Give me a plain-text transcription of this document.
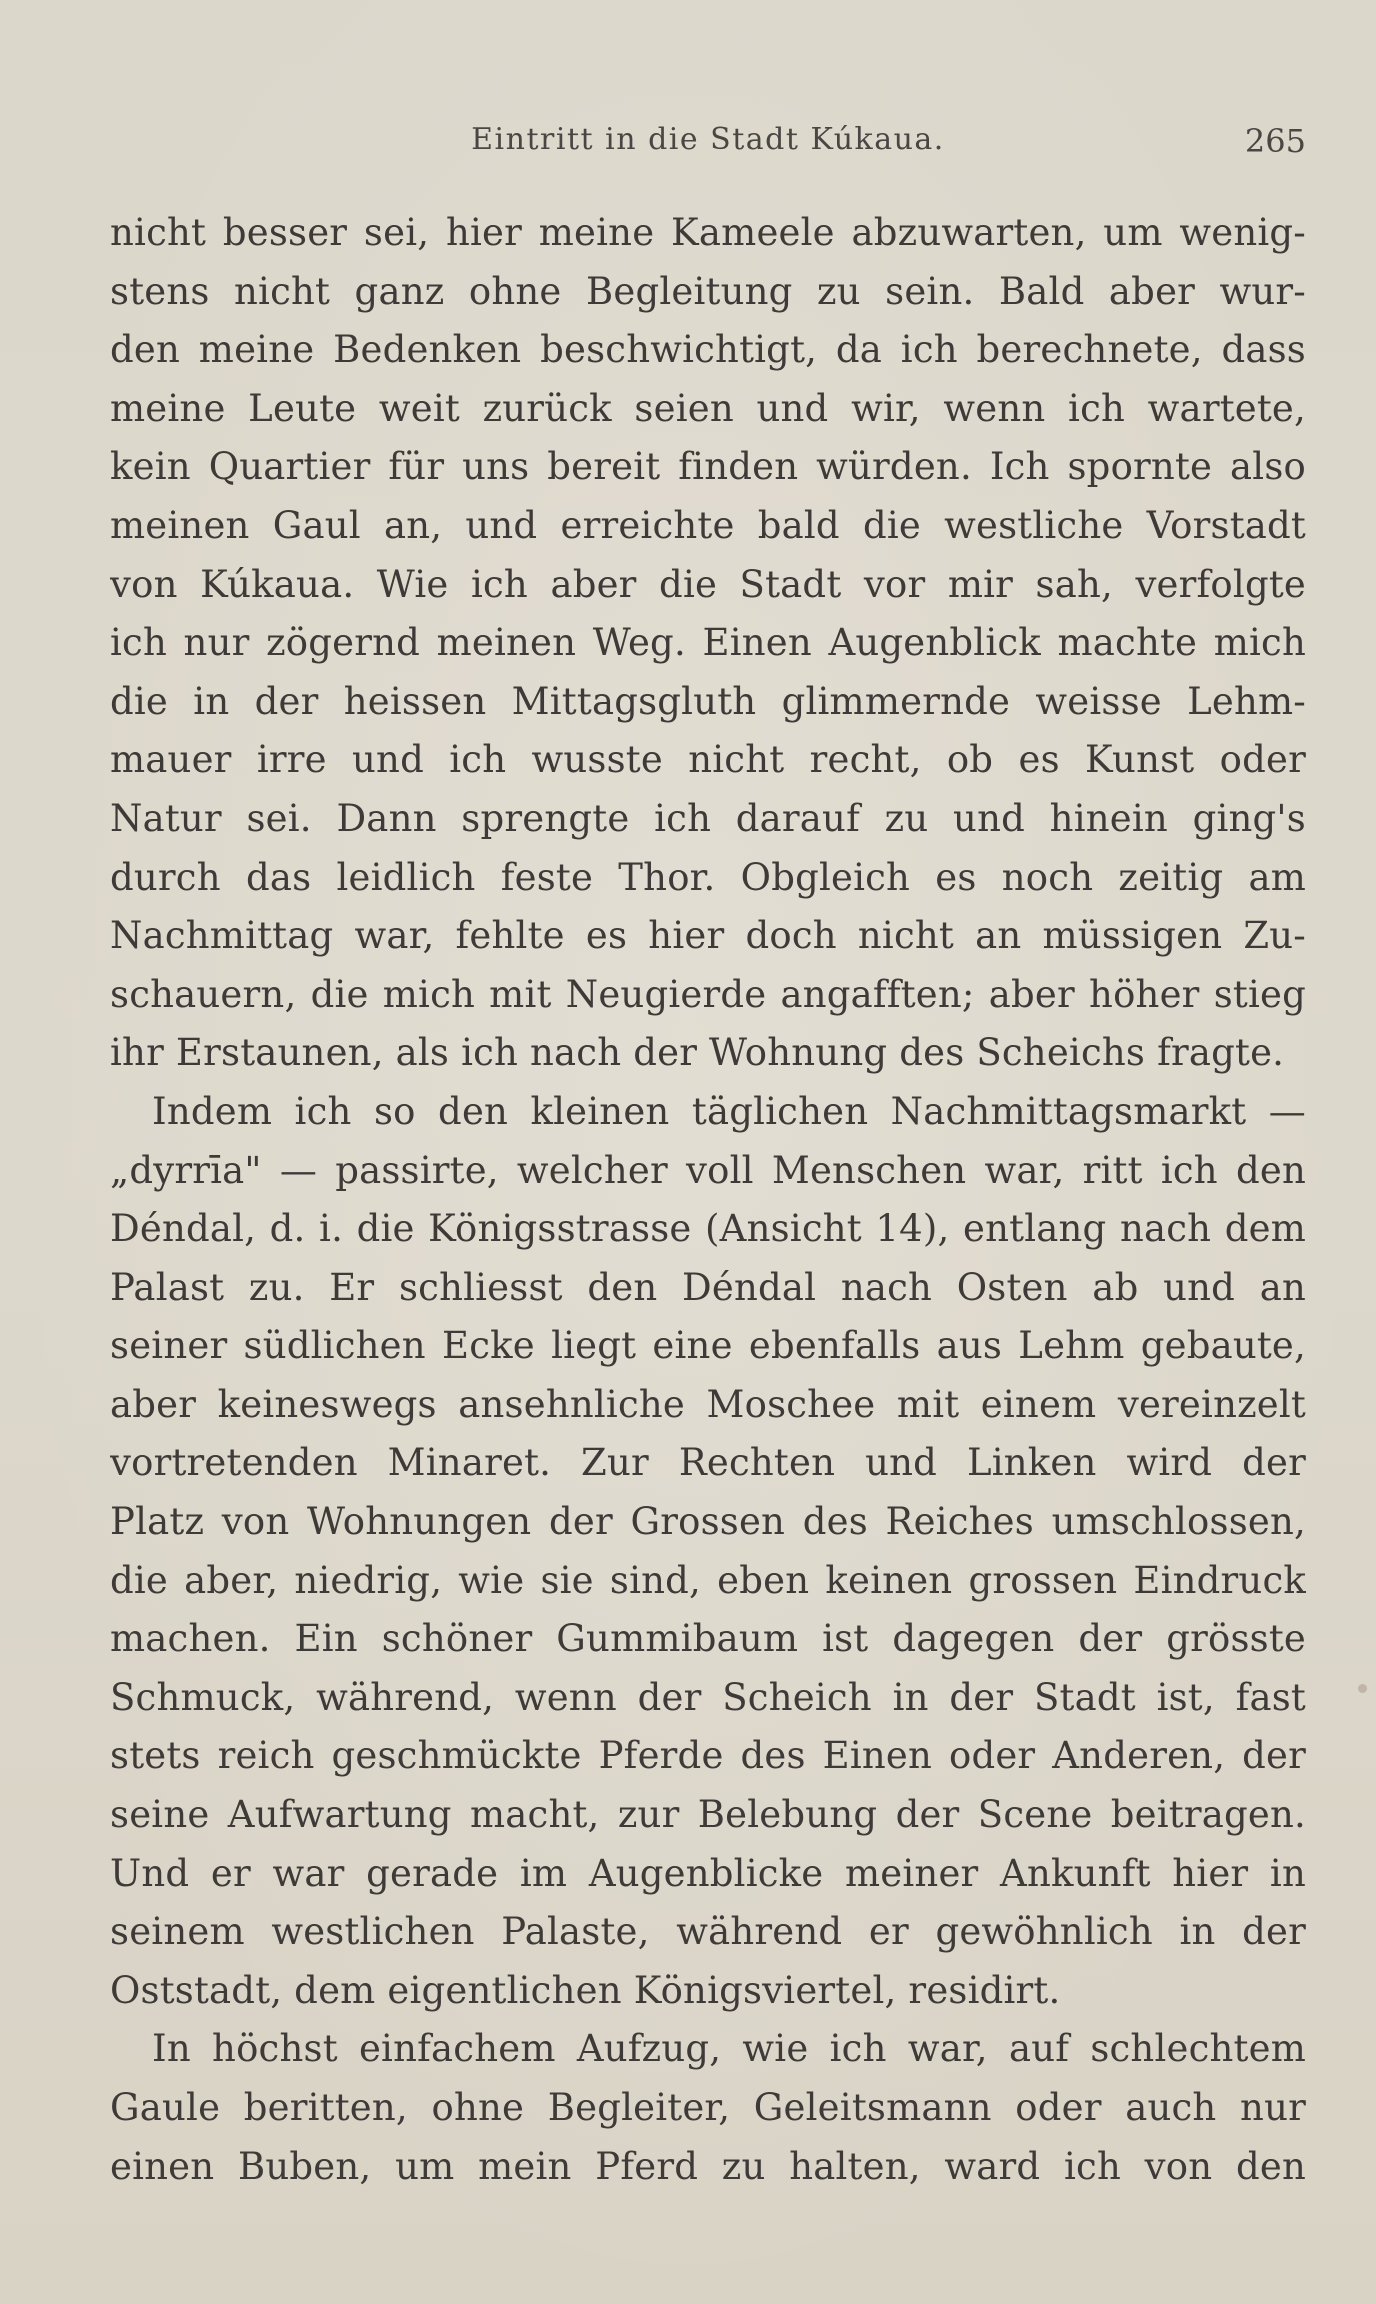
Eintritt in die Stadt Kúkaua.	265
nicht besser sei, hier meine Kameele abzuwarten, um wenig-
stens nicht ganz ohne Begleitung zu sein. Bald aber wur-
den meine Bedenken beschwichtigt, da ich berechnete, dass
meine Leute weit zurück seien und wir, wenn ich wartete,
kein Quartier für uns bereit finden würden. Ich spornte also
meinen Gaul an, und erreichte bald die westliche Vorstadt
von Kúkaua. Wie ich aber die Stadt vor mir sah, verfolgte
ich nur zögernd meinen Weg. Einen Augenblick machte mich
die in der heissen Mittagsgluth glimmernde weisse Lehm-
mauer irre und ich wusste nicht recht, ob es Kunst oder
Natur sei. Dann sprengte ich darauf zu und hinein ging's
durch das leidlich feste Thor. Obgleich es noch zeitig am
Nachmittag war, fehlte es hier doch nicht an müssigen Zu-
schauern, die mich mit Neugierde angafften; aber höher stieg
ihr Erstaunen, als ich nach der Wohnung des Scheichs fragte.
Indem ich so den kleinen täglichen Nachmittagsmarkt —
„dyrrīa" — passirte, welcher voll Menschen war, ritt ich den
Déndal, d. i. die Königsstrasse (Ansicht 14), entlang nach dem
Palast zu. Er schliesst den Déndal nach Osten ab und an
seiner südlichen Ecke liegt eine ebenfalls aus Lehm gebaute,
aber keineswegs ansehnliche Moschee mit einem vereinzelt
vortretenden Minaret. Zur Rechten und Linken wird der
Platz von Wohnungen der Grossen des Reiches umschlossen,
die aber, niedrig, wie sie sind, eben keinen grossen Eindruck
machen. Ein schöner Gummibaum ist dagegen der grösste
Schmuck, während, wenn der Scheich in der Stadt ist, fast
stets reich geschmückte Pferde des Einen oder Anderen, der
seine Aufwartung macht, zur Belebung der Scene beitragen.
Und er war gerade im Augenblicke meiner Ankunft hier in
seinem westlichen Palaste, während er gewöhnlich in der
Oststadt, dem eigentlichen Königsviertel, residirt.
In höchst einfachem Aufzug, wie ich war, auf schlechtem
Gaule beritten, ohne Begleiter, Geleitsmann oder auch nur
einen Buben, um mein Pferd zu halten, ward ich von den
